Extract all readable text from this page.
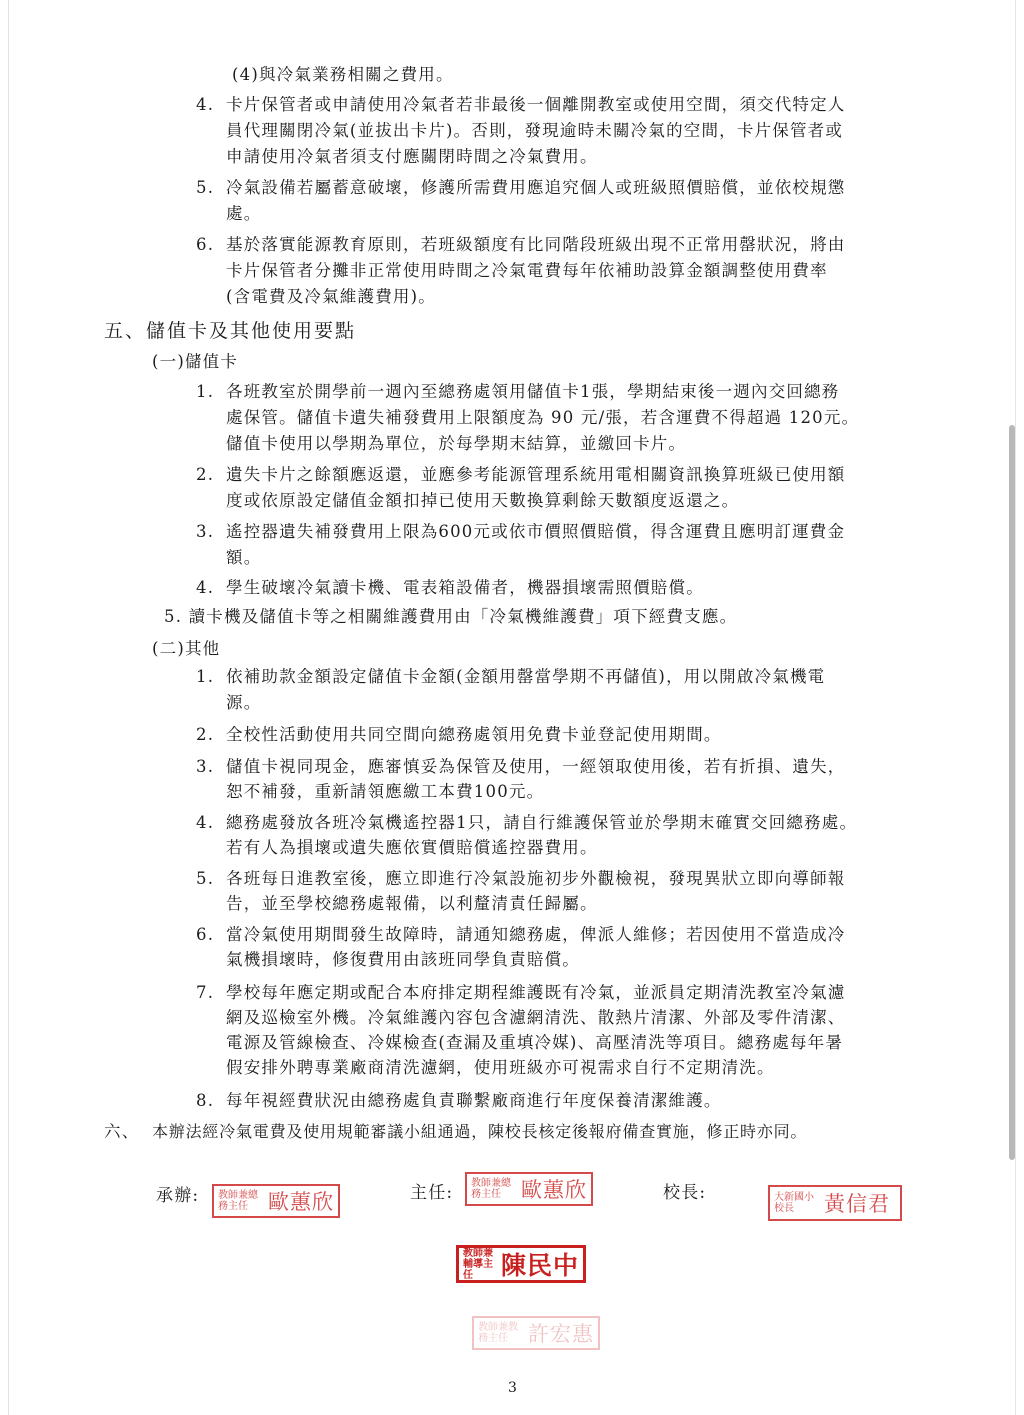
(4)與冷氣業務相關之費用。
4. 卡片保管者或申請使用冷氣者若非最後一個離開教室或使用空間，須交代特定人
員代理關閉冷氣(並拔出卡片)。否則，發現逾時未關冷氣的空間，卡片保管者或
申請使用冷氣者須支付應關閉時間之冷氣費用。
5. 冷氣設備若屬蓄意破壞，修護所需費用應追究個人或班級照價賠償，並依校規懲
處。
6. 基於落實能源教育原則，若班級額度有比同階段班級出現不正常用罄狀況，將由
卡片保管者分攤非正常使用時間之冷氣電費每年依補助設算金額調整使用費率
(含電費及冷氣維護費用)。
五、儲值卡及其他使用要點
(一)儲值卡
1. 各班教室於開學前一週內至總務處領用儲值卡1張，學期結束後一週內交回總務
處保管。儲值卡遺失補發費用上限額度為 90 元/張，若含運費不得超過 120元。
儲值卡使用以學期為單位，於每學期末結算，並繳回卡片。
2. 遺失卡片之餘額應返還，並應參考能源管理系統用電相關資訊換算班級已使用額
度或依原設定儲值金額扣掉已使用天數換算剩餘天數額度返還之。
3. 遙控器遺失補發費用上限為600元或依市價照價賠償，得含運費且應明訂運費金
額。
4. 學生破壞冷氣讀卡機、電表箱設備者，機器損壞需照價賠償。
5. 讀卡機及儲值卡等之相關維護費用由「冷氣機維護費」項下經費支應。
(二)其他
1. 依補助款金額設定儲值卡金額(金額用罄當學期不再儲值)，用以開啟冷氣機電
源。
2. 全校性活動使用共同空間向總務處領用免費卡並登記使用期間。
3. 儲值卡視同現金，應審慎妥為保管及使用，一經領取使用後，若有折損、遺失，
恕不補發，重新請領應繳工本費100元。
4. 總務處發放各班冷氣機遙控器1只，請自行維護保管並於學期末確實交回總務處。
若有人為損壞或遺失應依實價賠償遙控器費用。
5. 各班每日進教室後，應立即進行冷氣設施初步外觀檢視，發現異狀立即向導師報
告，並至學校總務處報備，以利釐清責任歸屬。
6. 當冷氣使用期間發生故障時，請通知總務處，俾派人維修；若因使用不當造成冷
氣機損壞時，修復費用由該班同學負責賠償。
7. 學校每年應定期或配合本府排定期程維護既有冷氣，並派員定期清洗教室冷氣濾
網及巡檢室外機。冷氣維護內容包含濾網清洗、散熱片清潔、外部及零件清潔、
電源及管線檢查、冷媒檢查(查漏及重填冷媒)、高壓清洗等項目。總務處每年暑
假安排外聘專業廠商清洗濾網，使用班級亦可視需求自行不定期清洗。
8. 每年視經費狀況由總務處負責聯繫廠商進行年度保養清潔維護。
六、 本辦法經冷氣電費及使用規範審議小組通過，陳校長核定後報府備查實施，修正時亦同。
承辦:	主任:	校長:
教師兼總務主任 歐蕙欣
教師兼總務主任 歐蕙欣	大新國小校長	黃信君
教師兼輔導主任	陳民中
教師兼教務主任 許宏惠
3
